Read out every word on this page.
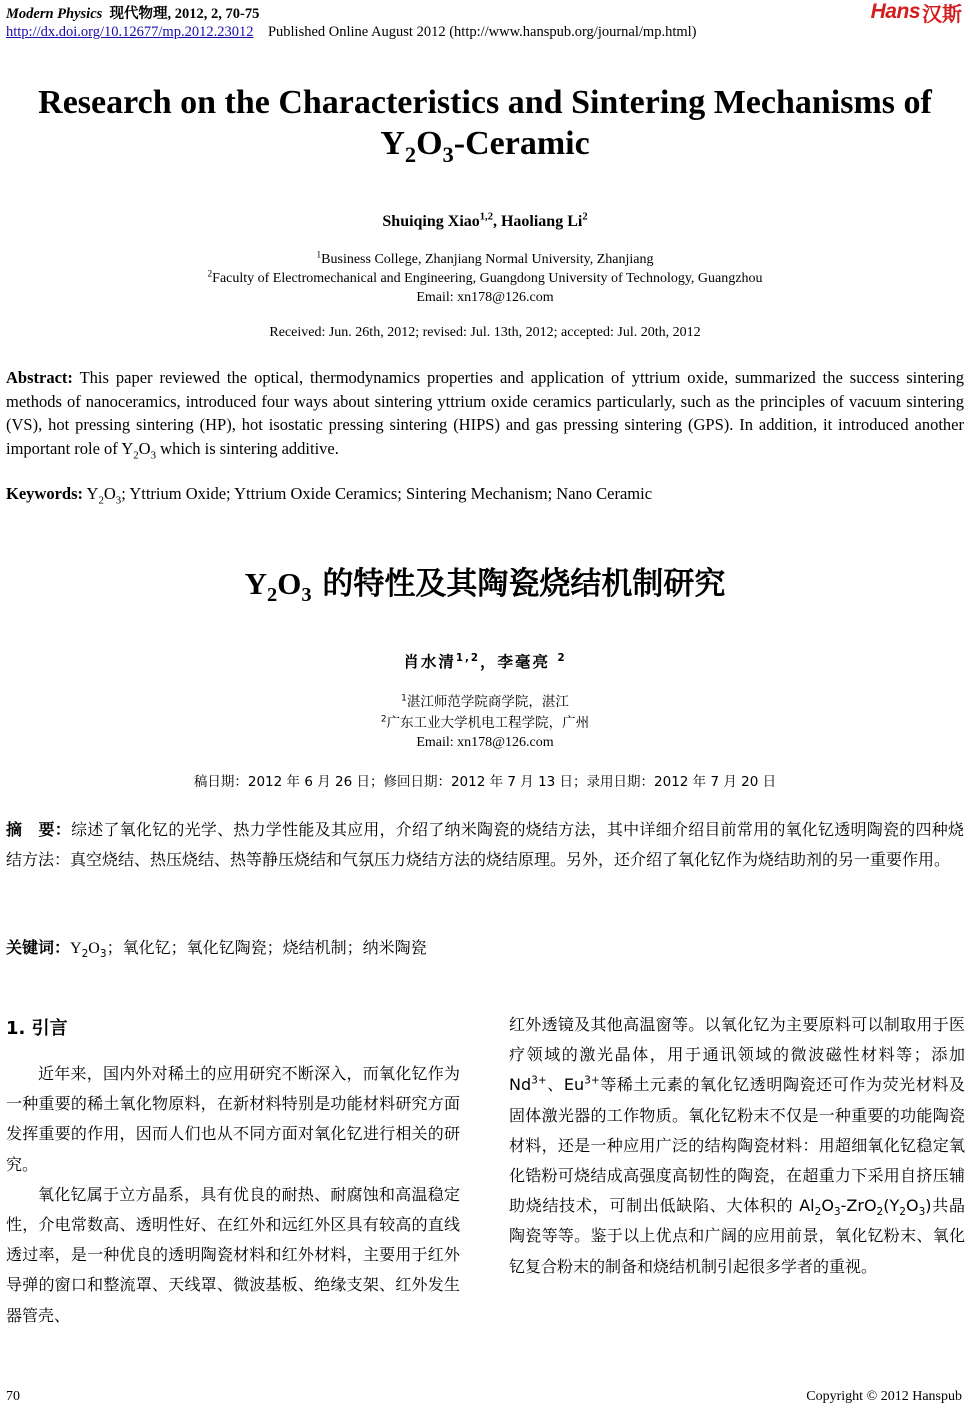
Modern Physics 现代物理, 2012, 2, 70-75
http://dx.doi.org/10.12677/mp.2012.23012 Published Online August 2012 (http://www.hanspub.org/journal/mp.html)
Hans 汉斯
Research on the Characteristics and Sintering Mechanisms of
$Y_2O_3$-Ceramic
Shuiqing Xiao$^{1,2}$, Haoliang Li$^2$
$^1$Business College, Zhanjiang Normal University, Zhanjiang
$^2$Faculty of Electromechanical and Engineering, Guangdong University of Technology, Guangzhou
Email: xn178@126.com
Received: Jun. 26th, 2012; revised: Jul. 13th, 2012; accepted: Jul. 20th, 2012
Abstract: This paper reviewed the optical, thermodynamics properties and application of yttrium oxide, summarized the success sintering methods of nanoceramics, introduced four ways about sintering yttrium oxide ceramics particularly, such as the principles of vacuum sintering (VS), hot pressing sintering (HP), hot isostatic pressing sintering (HIPS) and gas pressing sintering (GPS). In addition, it introduced another important role of $Y_2O_3$ which is sintering additive.
Keywords: $Y_2O_3$; Yttrium Oxide; Yttrium Oxide Ceramics; Sintering Mechanism; Nano Ceramic
$Y_2O_3$ 的特性及其陶瓷烧结机制研究
肖水清$^{1,2}$，李毫亮 $^2$
$^1$湛江师范学院商学院，湛江
$^2$广东工业大学机电工程学院，广州
Email: xn178@126.com
稿日期：2012 年 6 月 26 日；修回日期：2012 年 7 月 13 日；录用日期：2012 年 7 月 20 日
摘　要：综述了氧化钇的光学、热力学性能及其应用，介绍了纳米陶瓷的烧结方法，其中详细介绍目前常用的氧化钇透明陶瓷的四种烧结方法：真空烧结、热压烧结、热等静压烧结和气氛压力烧结方法的烧结原理。另外，还介绍了氧化钇作为烧结助剂的另一重要作用。
关键词：$Y_2O_3$；氧化钇；氧化钇陶瓷；烧结机制；纳米陶瓷
1. 引言

近年来，国内外对稀土的应用研究不断深入，而氧化钇作为一种重要的稀土氧化物原料，在新材料特别是功能材料研究方面发挥重要的作用，因而人们也从不同方面对氧化钇进行相关的研究。

氧化钇属于立方晶系，具有优良的耐热、耐腐蚀和高温稳定性，介电常数高、透明性好、在红外和远红外区具有较高的直线透过率，是一种优良的透明陶瓷材料和红外材料，主要用于红外导弹的窗口和整流罩、天线罩、微波基板、绝缘支架、红外发生器管壳、

红外透镜及其他高温窗等。以氧化钇为主要原料可以制取用于医疗领域的激光晶体，用于通讯领域的微波磁性材料等；添加 $Nd^{3+}$、$Eu^{3+}$等稀土元素的氧化钇透明陶瓷还可作为荧光材料及固体激光器的工作物质。氧化钇粉末不仅是一种重要的功能陶瓷材料，还是一种应用广泛的结构陶瓷材料：用超细氧化钇稳定氧化锆粉可烧结成高强度高韧性的陶瓷，在超重力下采用自挤压辅助烧结技术，可制出低缺陷、大体积的 $Al_2O_3-ZrO_2(Y_2O_3)$共晶陶瓷等等。鉴于以上优点和广阔的应用前景，氧化钇粉末、氧化钇复合粉末的制备和烧结机制引起很多学者的重视。

70	Copyright © 2012 Hanspub
